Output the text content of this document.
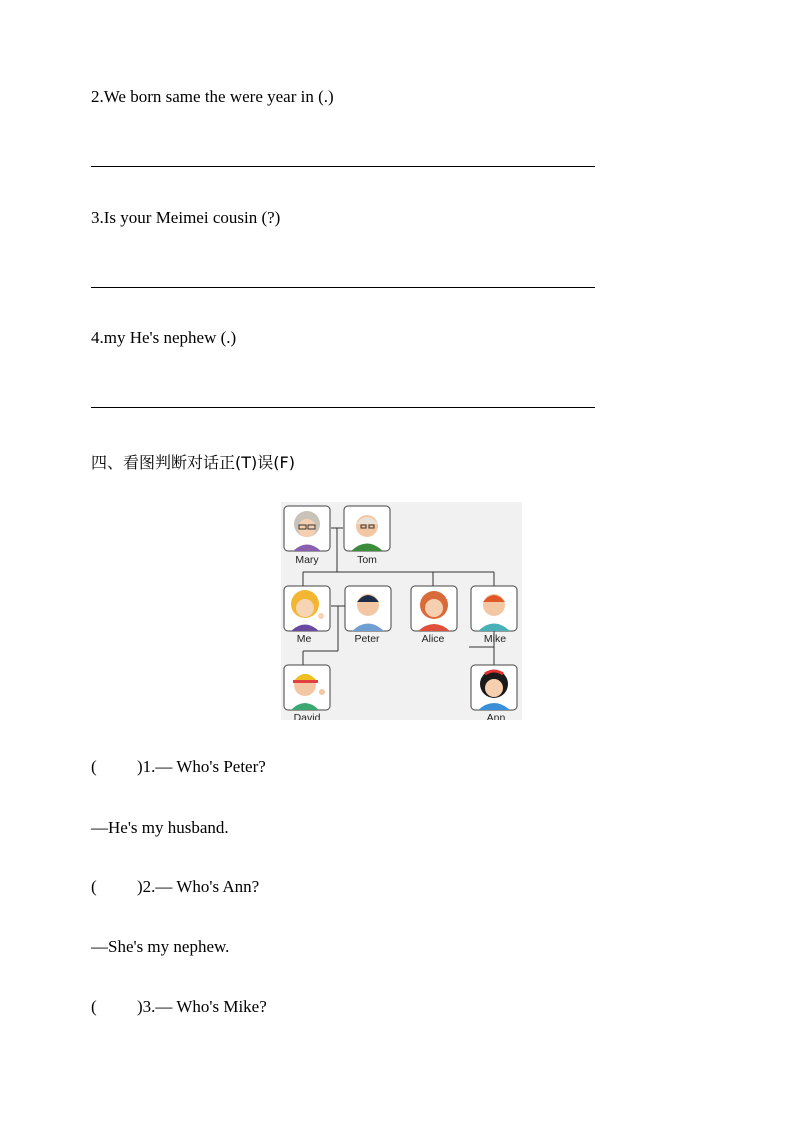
2.We born same the were year in (.)
3.Is your Meimei cousin (?)
4.my He's nephew (.)
四、看图判断对话正(T)误(F)
Mary	Tom
Me	Peter	Alice	Mike
David	Ann
( )1.— Who's Peter?
—He's my husband.
( )2.— Who's Ann?
—She's my nephew.
( )3.— Who's Mike?
